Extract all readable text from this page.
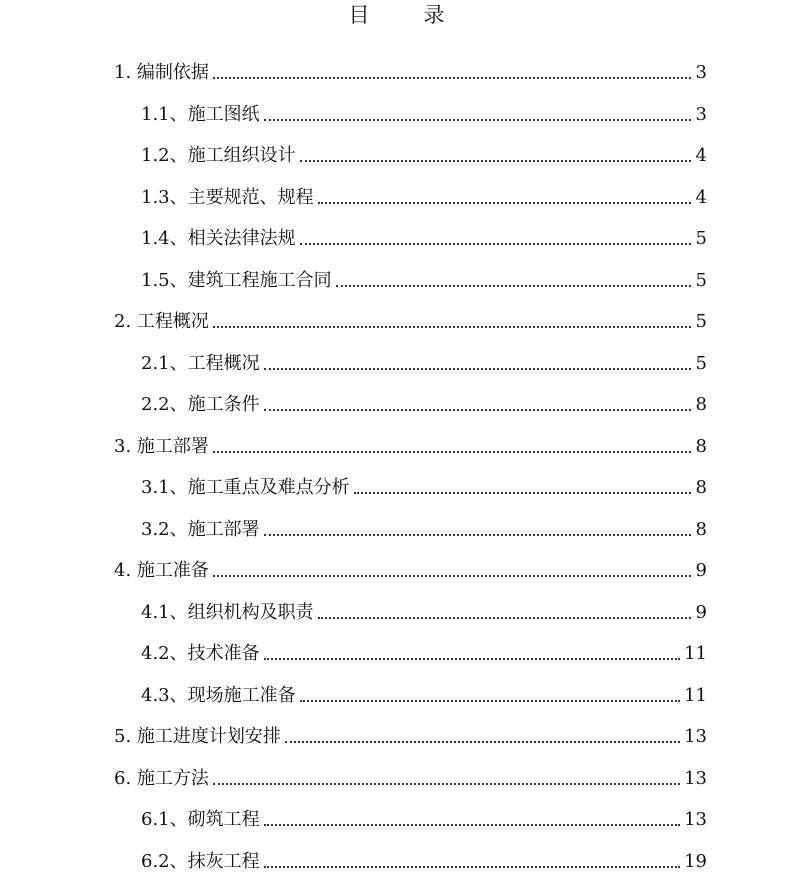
目	录
1. 编制依据	3
1.1、 施工图纸	3
1.2、 施工组织设计	4
1.3、 主要规范、规程	4
1.4、 相关法律法规	5
1.5、 建筑工程施工合同	5
2. 工程概况	5
2.1、 工程概况	5
2.2、 施工条件	8
3. 施工部署	8
3.1、 施工重点及难点分析	8
3.2、 施工部署	8
4. 施工准备	9
4.1、 组织机构及职责	9
4.2、 技术准备	11
4.3、 现场施工准备	11
5. 施工进度计划安排	13
6. 施工方法	13
6.1、 砌筑工程	13
6.2、 抹灰工程	19
